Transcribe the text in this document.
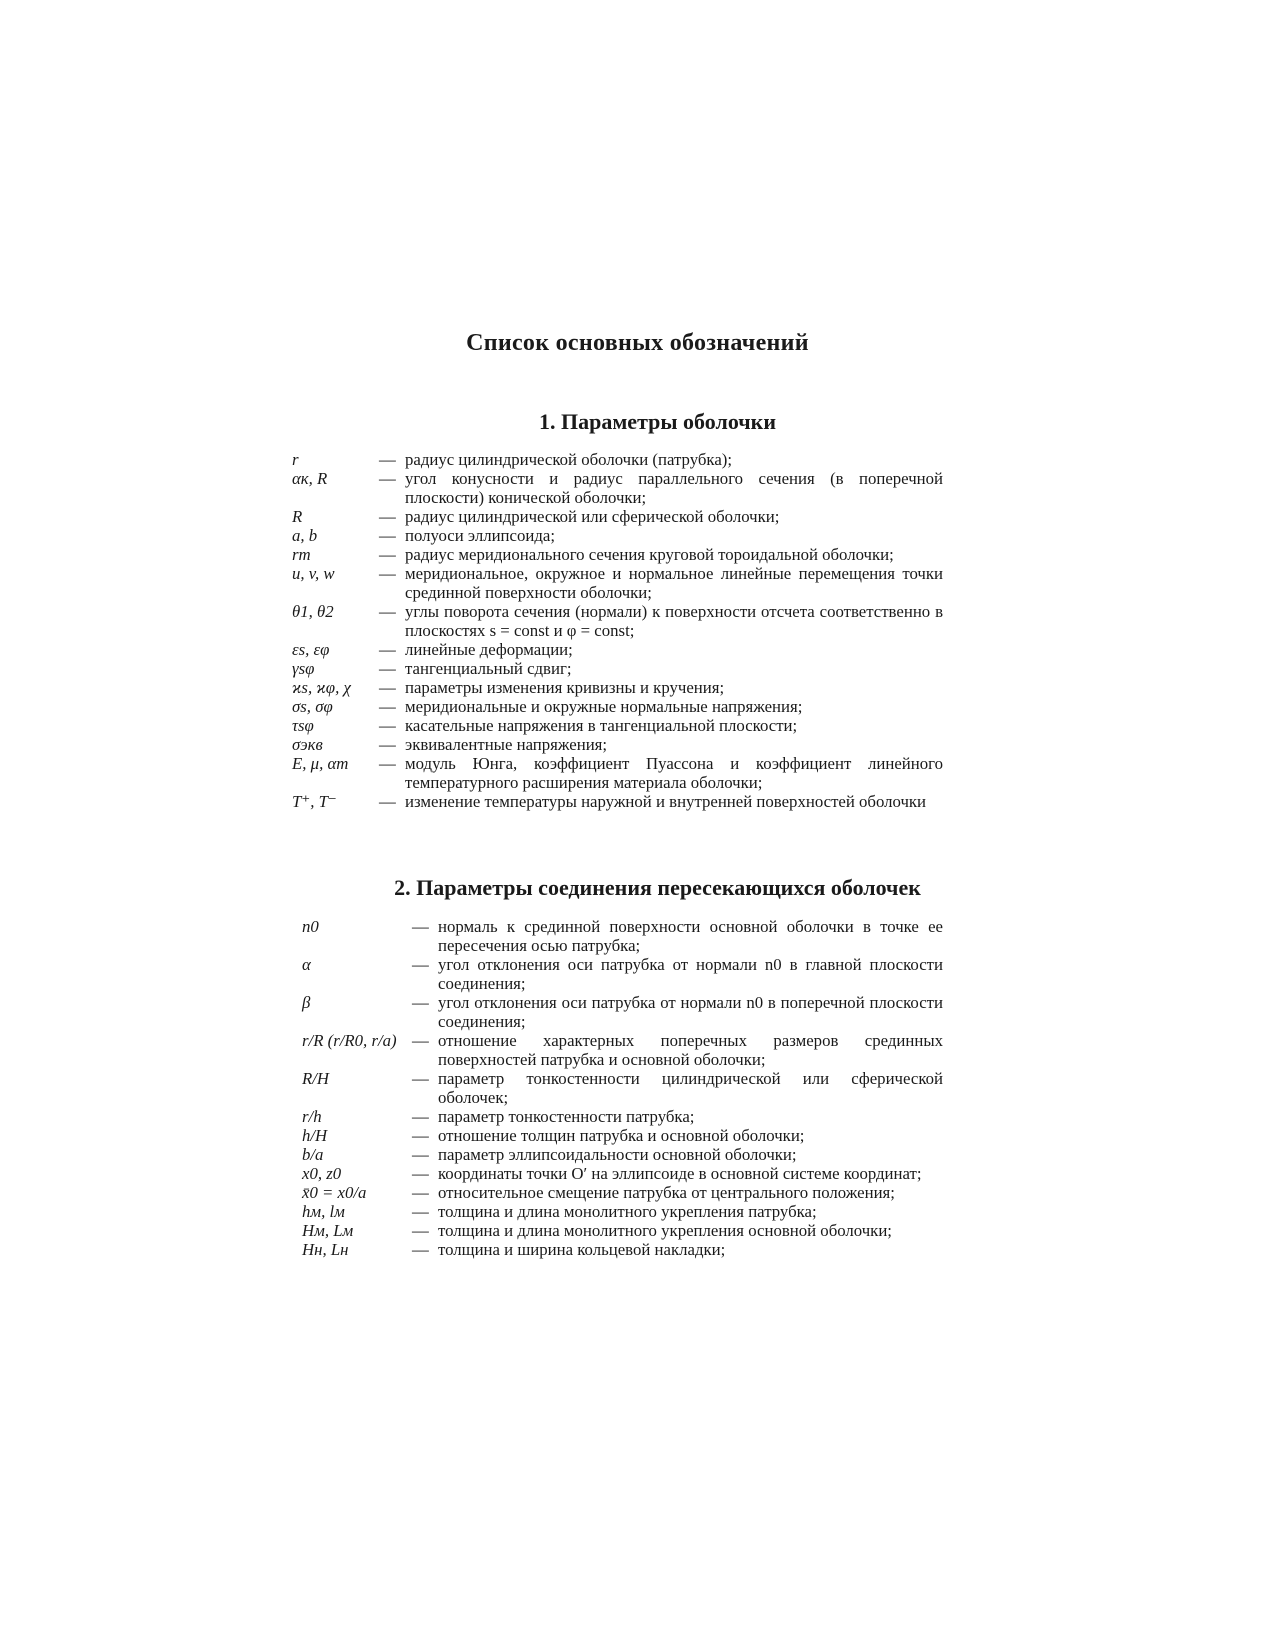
Список основных обозначений
1. Параметры оболочки
r	— радиус цилиндрической оболочки (патрубка);
αк, R	— угол конусности и радиус параллельного сечения (в поперечной плоскости) конической оболочки;
R	— радиус цилиндрической или сферической оболочки;
a, b	— полуоси эллипсоида;
rт	— радиус меридионального сечения круговой тороидальной оболочки;
u, v, w	— меридиональное, окружное и нормальное линейные перемещения точки срединной поверхности оболочки;
θ1, θ2	— углы поворота сечения (нормали) к поверхности отсчета соответственно в плоскостях s = const и φ = const;
εs, εφ	— линейные деформации;
γsφ	— тангенциальный сдвиг;
ϰs, ϰφ, χ	— параметры изменения кривизны и кручения;
σs, σφ	— меридиональные и окружные нормальные напряжения;
τsφ	— касательные напряжения в тангенциальной плоскости;
σэкв	— эквивалентные напряжения;
E, μ, αт	— модуль Юнга, коэффициент Пуассона и коэффициент линейного температурного расширения материала оболочки;
T⁺, T⁻	— изменение температуры наружной и внутренней поверхностей оболочки
2. Параметры соединения пересекающихся оболочек
n0	— нормаль к срединной поверхности основной оболочки в точке ее пересечения осью патрубка;
α	— угол отклонения оси патрубка от нормали n0 в главной плоскости соединения;
β	— угол отклонения оси патрубка от нормали n0 в поперечной плоскости соединения;
r/R (r/R0, r/a) — отношение характерных поперечных размеров срединных поверхностей патрубка и основной оболочки;
R/H	— параметр тонкостенности цилиндрической или сферической оболочек;
r/h	— параметр тонкостенности патрубка;
h/H	— отношение толщин патрубка и основной оболочки;
b/a	— параметр эллипсоидальности основной оболочки;
x0, z0	— координаты точки O′ на эллипсоиде в основной системе координат;
x̄0 = x0/a	— относительное смещение патрубка от центрального положения;
hм, lм	— толщина и длина монолитного укрепления патрубка;
Hм, Lм	— толщина и длина монолитного укрепления основной оболочки;
Hн, Lн	— толщина и ширина кольцевой накладки;
